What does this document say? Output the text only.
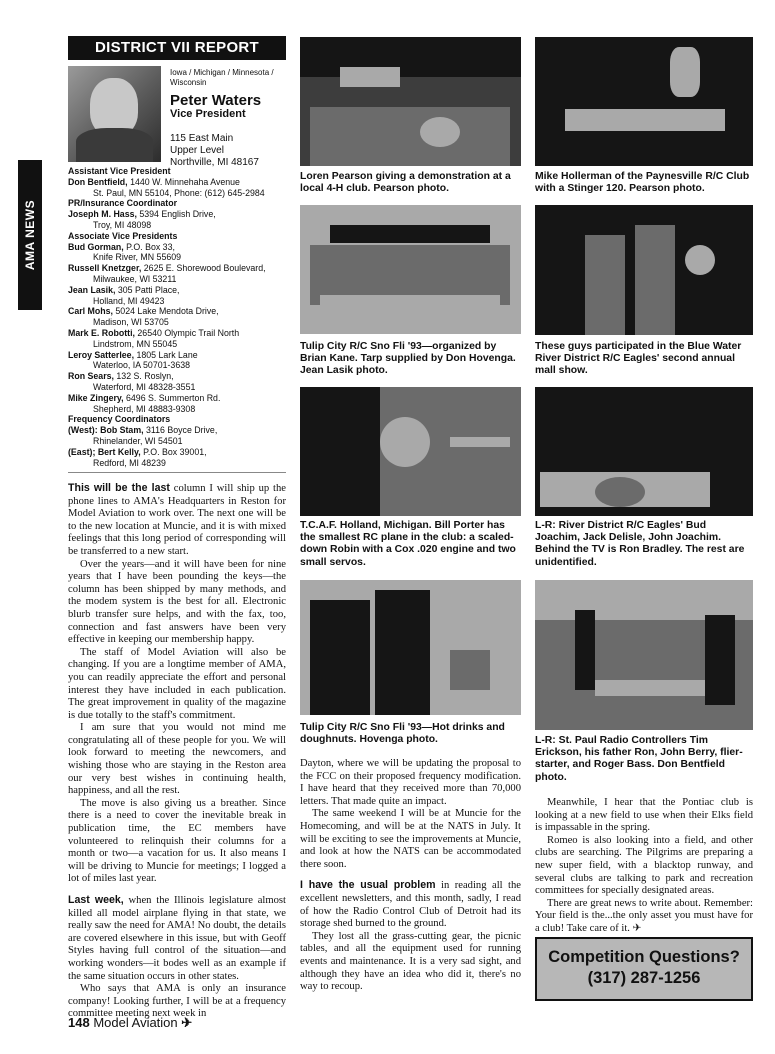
AMA NEWS
DISTRICT VII REPORT
Iowa / Michigan / Minnesota / Wisconsin
Peter Waters
Vice President
115 East Main
Upper Level
Northville, MI 48167
Assistant Vice President
Don Bentfield, 1440 W. Minnehaha Avenue
St. Paul, MN 55104, Phone: (612) 645-2984
PR/Insurance Coordinator
Joseph M. Hass, 5394 English Drive,
Troy, MI 48098
Associate Vice Presidents
Bud Gorman, P.O. Box 33,
Knife River, MN 55609
Russell Knetzger, 2625 E. Shorewood Boulevard,
Milwaukee, WI 53211
Jean Lasik, 305 Patti Place,
Holland, MI 49423
Carl Mohs, 5024 Lake Mendota Drive,
Madison, WI 53705
Mark E. Robotti, 26540 Olympic Trail North
Lindstrom, MN 55045
Leroy Satterlee, 1805 Lark Lane
Waterloo, IA 50701-3638
Ron Sears, 132 S. Roslyn,
Waterford, MI 48328-3551
Mike Zingery, 6496 S. Summerton Rd.
Shepherd, MI 48883-9308
Frequency Coordinators
(West): Bob Stam, 3116 Boyce Drive,
Rhinelander, WI 54501
(East); Bert Kelly, P.O. Box 39001,
Redford, MI 48239

This will be the last column I will ship up the phone lines to AMA's Headquarters in Reston for Model Aviation to work over. The next one will be to the new location at Muncie, and it is with mixed feelings that this long period of corresponding will be transferred to a new start.

Over the years—and it will have been for nine years that I have been pounding the keys—the column has been shipped by many methods, and the modem system is the best for all. Electronic blurb transfer sure helps, and with the fax, too, connection and fast answers have been very effective in keeping our membership happy.

The staff of Model Aviation will also be changing. If you are a longtime member of AMA, you can readily appreciate the effort and personal interest they have included in each publication. The great improvement in quality of the magazine is due totally to the staff's commitment.

I am sure that you would not mind me congratulating all of these people for you. We will look forward to meeting the newcomers, and wishing those who are staying in the Reston area our very best wishes in continuing health, happiness, and all the rest.

The move is also giving us a breather. Since there is a need to cover the inevitable break in publication time, the EC members have volunteered to relinquish their columns for a month or two—a vacation for us. It also means I will be driving to Muncie for meetings; I logged a lot of miles last year.

Last week, when the Illinois legislature almost killed all model airplane flying in that state, we really saw the need for AMA! No doubt, the details are covered elsewhere in this issue, but with Geoff Styles having full control of the situation—and working wonders—it bodes well as an example if the same situation occurs in other states.

Who says that AMA is only an insurance company! Looking further, I will be at a frequency committee meeting next week in

Loren Pearson giving a demonstration at a local 4-H club. Pearson photo.
Mike Hollerman of the Paynesville R/C Club with a Stinger 120. Pearson photo.
Tulip City R/C Sno Fli '93—organized by Brian Kane. Tarp supplied by Don Hovenga. Jean Lasik photo.
These guys participated in the Blue Water River District R/C Eagles' second annual mall show.
T.C.A.F. Holland, Michigan. Bill Porter has the smallest RC plane in the club: a scaled-down Robin with a Cox .020 engine and two small servos.
L-R: River District R/C Eagles' Bud Joachim, Jack Delisle, John Joachim. Behind the TV is Ron Bradley. The rest are unidentified.
Tulip City R/C Sno Fli '93—Hot drinks and doughnuts. Hovenga photo.	L-R: St. Paul Radio Controllers Tim Erickson, his father Ron, John Berry, flier-starter, and Roger Bass. Don Bentfield photo.

Dayton, where we will be updating the proposal to the FCC on their proposed frequency modification. I have heard that they received more than 70,000 letters. That made quite an impact.

The same weekend I will be at Muncie for the Homecoming, and will be at the NATS in July. It will be exciting to see the improvements at Muncie, and look at how the NATS can be accommodated there soon.

I have the usual problem in reading all the excellent newsletters, and this month, sadly, I read of how the Radio Control Club of Detroit had its storage shed burned to the ground.

They lost all the grass-cutting gear, the picnic tables, and all the equipment used for running events and maintenance. It is a very sad sight, and although they have an idea who did it, there's no way to recoup.

Meanwhile, I hear that the Pontiac club is looking at a new field to use when their Elks field is impassable in the spring.

Romeo is also looking into a field, and other clubs are searching. The Pilgrims are preparing a new super field, with a blacktop runway, and several clubs are talking to park and recreation committees for specially designated areas.

There are great news to write about. Remember: Your field is the...the only asset you must have for a club! Take care of it. ✈

Competition Questions?
(317) 287-1256
148 Model Aviation ✈
